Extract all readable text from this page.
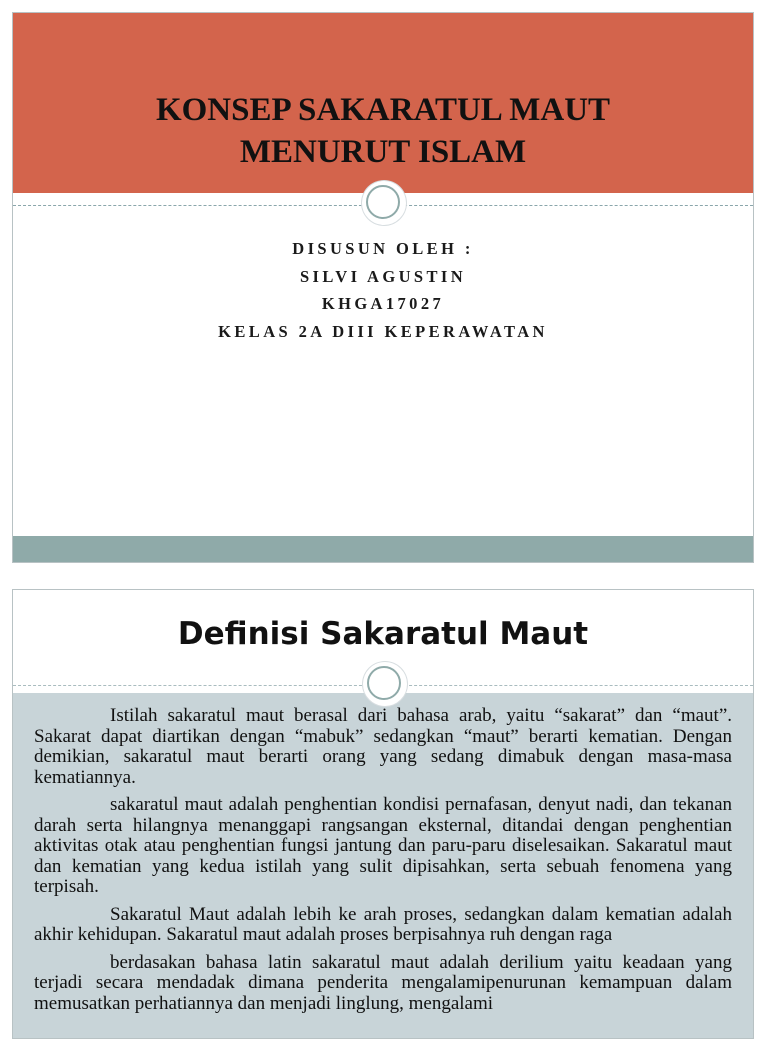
KONSEP SAKARATUL MAUT
MENURUT ISLAM
DISUSUN OLEH :
SILVI AGUSTIN
KHGA17027
KELAS 2A DIII KEPERAWATAN
Definisi Sakaratul Maut

Istilah sakaratul maut berasal dari bahasa arab, yaitu “sakarat” dan “maut”. Sakarat dapat diartikan dengan “mabuk” sedangkan “maut” berarti kematian. Dengan demikian, sakaratul maut berarti orang yang sedang dimabuk dengan masa-masa kematiannya.

sakaratul maut adalah penghentian kondisi pernafasan, denyut nadi, dan tekanan darah serta hilangnya menanggapi rangsangan eksternal, ditandai dengan penghentian aktivitas otak atau penghentian fungsi jantung dan paru-paru diselesaikan. Sakaratul maut dan kematian yang kedua istilah yang sulit dipisahkan, serta sebuah fenomena yang terpisah.

Sakaratul Maut adalah lebih ke arah proses, sedangkan dalam kematian adalah akhir kehidupan. Sakaratul maut adalah proses berpisahnya ruh dengan raga

berdasakan bahasa latin sakaratul maut adalah derilium yaitu keadaan yang terjadi secara mendadak dimana penderita mengalamipenurunan kemampuan dalam memusatkan perhatiannya dan menjadi linglung, mengalami
